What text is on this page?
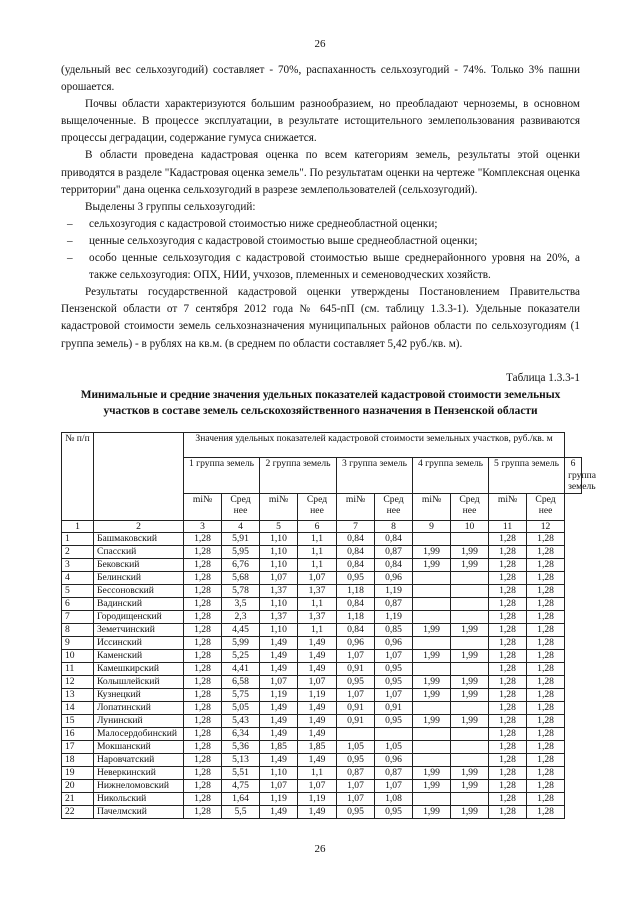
26

(удельный вес сельхозугодий) составляет - 70%, распаханность сельхозугодий - 74%. Только 3% пашни орошается.

Почвы области характеризуются большим разнообразием, но преобладают черноземы, в основном выщелоченные. В процессе эксплуатации, в результате истощительного землепользования развиваются процессы деградации, содержание гумуса снижается.

В области проведена кадастровая оценка по всем категориям земель, результаты этой оценки приводятся в разделе "Кадастровая оценка земель". По результатам оценки на чертеже "Комплексная оценка территории" дана оценка сельхозугодий в разрезе землепользователей (сельхозугодий).

Выделены 3 группы сельхозугодий:

– сельхозугодия с кадастровой стоимостью ниже среднеобластной оценки;
– ценные сельхозугодия с кадастровой стоимостью выше среднеобластной оценки;
– особо ценные сельхозугодия с кадастровой стоимостью выше среднерайонного уровня на 20%, а также сельхозугодия: ОПХ, НИИ, учхозов, племенных и семеноводческих хозяйств.

Результаты государственной кадастровой оценки утверждены Постановлением Правительства Пензенской области от 7 сентября 2012 года № 645-пП (см. таблицу 1.3.3-1). Удельные показатели кадастровой стоимости земель сельхозназначения муниципальных районов области по сельхозугодиям (1 группа земель) - в рублях на кв.м. (в среднем по области составляет 5,42 руб./кв. м).

Таблица 1.3.3-1
Минимальные и средние значения удельных показателей кадастровой стоимости земельных участков в составе земель сельскохозяйственного назначения в Пензенской области
№ п/п		Значения удельных показателей кадастровой стоимости земельных участков, руб./кв. м										
		1 группа земель		2 группа земель		3 группа земель		4 группа земель		5 группа земель		6 группа земель
		mi№	Сред нее	mi№	Сред нее	mi№	Сред нее	mi№	Сред нее	mi№	Сред нее	
1	2	3	4	5	6	7	8	9	10	11	12	
1	Башмаковский	1,28	5,91	1,10	1,1	0,84	0,84			1,28	1,28	
2	Спасский	1,28	5,95	1,10	1,1	0,84	0,87	1,99	1,99	1,28	1,28	
3	Бековский	1,28	6,76	1,10	1,1	0,84	0,84	1,99	1,99	1,28	1,28	
4	Белинский	1,28	5,68	1,07	1,07	0,95	0,96			1,28	1,28	
5	Бессоновский	1,28	5,78	1,37	1,37	1,18	1,19			1,28	1,28	
6	Вадинский	1,28	3,5	1,10	1,1	0,84	0,87			1,28	1,28	
7	Городищенский	1,28	2,3	1,37	1,37	1,18	1,19			1,28	1,28	
8	Земетчинский	1,28	4,45	1,10	1,1	0,84	0,85	1,99	1,99	1,28	1,28	
9	Иссинский	1,28	5,99	1,49	1,49	0,96	0,96			1,28	1,28	
10	Каменский	1,28	5,25	1,49	1,49	1,07	1,07	1,99	1,99	1,28	1,28	
11	Камешкирский	1,28	4,41	1,49	1,49	0,91	0,95			1,28	1,28	
12	Колышлейский	1,28	6,58	1,07	1,07	0,95	0,95	1,99	1,99	1,28	1,28	
13	Кузнецкий	1,28	5,75	1,19	1,19	1,07	1,07	1,99	1,99	1,28	1,28	
14	Лопатинский	1,28	5,05	1,49	1,49	0,91	0,91			1,28	1,28	
15	Лунинский	1,28	5,43	1,49	1,49	0,91	0,95	1,99	1,99	1,28	1,28	
16	Малосердобинский	1,28	6,34	1,49	1,49					1,28	1,28	
17	Мокшанский	1,28	5,36	1,85	1,85	1,05	1,05			1,28	1,28	
18	Наровчатский	1,28	5,13	1,49	1,49	0,95	0,96			1,28	1,28	
19	Неверкинский	1,28	5,51	1,10	1,1	0,87	0,87	1,99	1,99	1,28	1,28	
20	Нижнеломовский	1,28	4,75	1,07	1,07	1,07	1,07	1,99	1,99	1,28	1,28	
21	Никольский	1,28	1,64	1,19	1,19	1,07	1,08			1,28	1,28	
22	Пачелмский	1,28	5,5	1,49	1,49	0,95	0,95	1,99	1,99	1,28	1,28	
26
